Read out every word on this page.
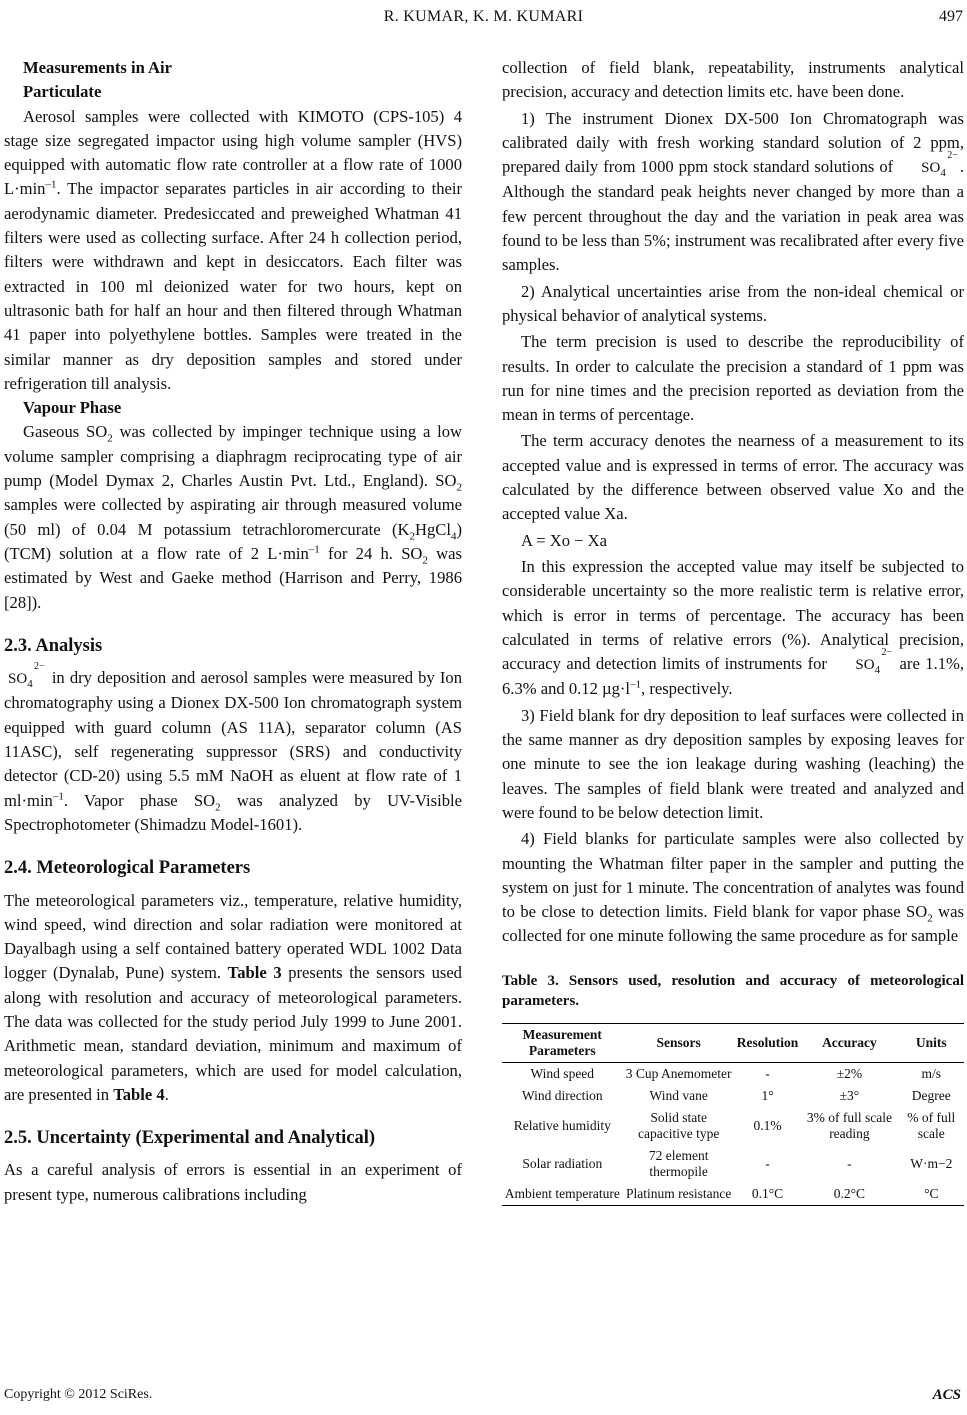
R. KUMAR, K. M. KUMARI	497

Measurements in Air

Particulate

Aerosol samples were collected with KIMOTO (CPS-105) 4 stage size segregated impactor using high volume sampler (HVS) equipped with automatic flow rate controller at a flow rate of 1000 $L\cdot\min^{-1}$. The impactor separates particles in air according to their aerodynamic diameter. Predesiccated and preweighed Whatman 41 filters were used as collecting surface. After 24 h collection period, filters were withdrawn and kept in desiccators. Each filter was extracted in 100 ml deionized water for two hours, kept on ultrasonic bath for half an hour and then filtered through Whatman 41 paper into polyethylene bottles. Samples were treated in the similar manner as dry deposition samples and stored under refrigeration till analysis.

Vapour Phase

Gaseous $SO_2$ was collected by impinger technique using a low volume sampler comprising a diaphragm reciprocating type of air pump (Model Dymax 2, Charles Austin Pvt. Ltd., England). $SO_2$ samples were collected by aspirating air through measured volume (50 ml) of 0.04 M potassium tetrachloromercurate $(K_2HgCl_4)$ (TCM) solution at a flow rate of 2 $L\cdot\min^{-1}$ for 24 h. $SO_2$ was estimated by West and Gaeke method (Harrison and Perry, 1986 [28]).

2.3. Analysis

$SO_4$
2−
in dry deposition and aerosol samples were measured by Ion chromatography using a Dionex DX-500 Ion chromatograph system equipped with guard column (AS 11A), separator column (AS 11ASC), self regenerating suppressor (SRS) and conductivity detector (CD-20) using 5.5 mM NaOH as eluent at flow rate of 1 $ml\cdot\min^{-1}$. Vapor phase $SO_2$ was analyzed by UV-Visible Spectrophotometer (Shimadzu Model-1601).

2.4. Meteorological Parameters

The meteorological parameters viz., temperature, relative humidity, wind speed, wind direction and solar radiation were monitored at Dayalbagh using a self contained battery operated WDL 1002 Data logger (Dynalab, Pune) system. Table 3 presents the sensors used along with resolution and accuracy of meteorological parameters. The data was collected for the study period July 1999 to June 2001. Arithmetic mean, standard deviation, minimum and maximum of meteorological parameters, which are used for model calculation, are presented in Table 4.

2.5. Uncertainty (Experimental and Analytical)

As a careful analysis of errors is essential in an experiment of present type, numerous calibrations including

collection of field blank, repeatability, instruments analytical precision, accuracy and detection limits etc. have been done.

1) The instrument Dionex DX-500 Ion Chromatograph was calibrated daily with fresh working standard solution of 2 ppm, prepared daily from 1000 ppm stock standard solutions of $SO_4$
2−
. Although the standard peak heights never changed by more than a few percent throughout the day and the variation in peak area was found to be less than 5%; instrument was recalibrated after every five samples.

2) Analytical uncertainties arise from the non-ideal chemical or physical behavior of analytical systems.

The term precision is used to describe the reproducibility of results. In order to calculate the precision a standard of 1 ppm was run for nine times and the precision reported as deviation from the mean in terms of percentage.

The term accuracy denotes the nearness of a measurement to its accepted value and is expressed in terms of error. The accuracy was calculated by the difference between observed value Xo and the accepted value Xa.

A = Xo − Xa

In this expression the accepted value may itself be subjected to considerable uncertainty so the more realistic term is relative error, which is error in terms of percentage. The accuracy has been calculated in terms of relative errors (%). Analytical precision, accuracy and detection limits of instruments for $SO_4$
2−
are 1.1%, 6.3% and 0.12 $\mu g\cdot l^{-1}$, respectively.

3) Field blank for dry deposition to leaf surfaces were collected in the same manner as dry deposition samples by exposing leaves for one minute to see the ion leakage during washing (leaching) the leaves. The samples of field blank were treated and analyzed and were found to be below detection limit.

4) Field blanks for particulate samples were also collected by mounting the Whatman filter paper in the sampler and putting the system on just for 1 minute. The concentration of analytes was found to be close to detection limits. Field blank for vapor phase $SO_2$ was collected for one minute following the same procedure as for sample

Table 3. Sensors used, resolution and accuracy of meteorological parameters.

Measurement Parameters	Sensors	Resolution	Accuracy	Units
Wind speed	3 Cup Anemometer	-	±2%	m/s
Wind direction	Wind vane	1°	±3°	Degree
Relative humidity	Solid state capacitive type	0.1%	3% of full scale reading	% of full scale
Solar radiation	72 element thermopile	-	-	W·m−2
Ambient temperature	Platinum resistance	0.1°C	0.2°C	°C
Copyright © 2012 SciRes.	ACS
